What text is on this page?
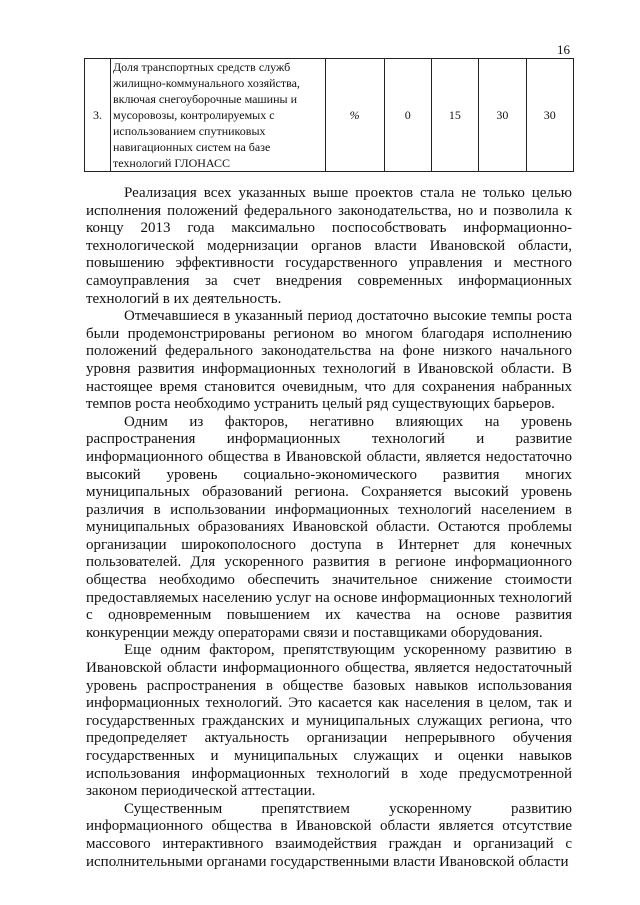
16
3.	Доля транспортных средств служб жилищно-коммунального хозяйства, включая снегоуборочные машины и мусоровозы, контролируемых с использованием спутниковых навигационных систем на базе технологий ГЛОНАСС	%	0	15	30	30

Реализация всех указанных выше проектов стала не только целью исполнения положений федерального законодательства, но и позволила к концу 2013 года максимально поспособствовать информационно-технологической модернизации органов власти Ивановской области, повышению эффективности государственного управления и местного самоуправления за счет внедрения современных информационных технологий в их деятельность.

Отмечавшиеся в указанный период достаточно высокие темпы роста были продемонстрированы регионом во многом благодаря исполнению положений федерального законодательства на фоне низкого начального уровня развития информационных технологий в Ивановской области. В настоящее время становится очевидным, что для сохранения набранных темпов роста необходимо устранить целый ряд существующих барьеров.

Одним из факторов, негативно влияющих на уровень распространения информационных технологий и развитие информационного общества в Ивановской области, является недостаточно высокий уровень социально-экономического развития многих муниципальных образований региона. Сохраняется высокий уровень различия в использовании информационных технологий населением в муниципальных образованиях Ивановской области. Остаются проблемы организации широкополосного доступа в Интернет для конечных пользователей. Для ускоренного развития в регионе информационного общества необходимо обеспечить значительное снижение стоимости предоставляемых населению услуг на основе информационных технологий с одновременным повышением их качества на основе развития конкуренции между операторами связи и поставщиками оборудования.

Еще одним фактором, препятствующим ускоренному развитию в Ивановской области информационного общества, является недостаточный уровень распространения в обществе базовых навыков использования информационных технологий. Это касается как населения в целом, так и государственных гражданских и муниципальных служащих региона, что предопределяет актуальность организации непрерывного обучения государственных и муниципальных служащих и оценки навыков использования информационных технологий в ходе предусмотренной законом периодической аттестации.

Существенным препятствием ускоренному развитию информационного общества в Ивановской области является отсутствие массового интерактивного взаимодействия граждан и организаций с исполнительными органами государственными власти Ивановской области
